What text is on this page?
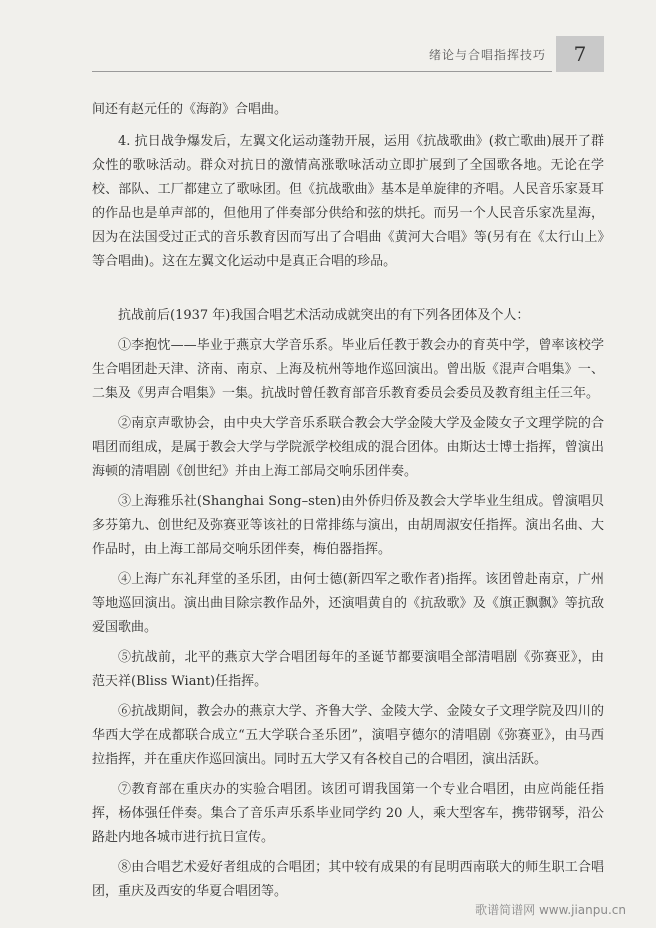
绪论与合唱指挥技巧	7

间还有赵元任的《海韵》合唱曲。

4. 抗日战争爆发后，左翼文化运动蓬勃开展，运用《抗战歌曲》(救亡歌曲)展开了群众性的歌咏活动。群众对抗日的激情高涨歌咏活动立即扩展到了全国歌各地。无论在学校、部队、工厂都建立了歌咏团。但《抗战歌曲》基本是单旋律的齐唱。人民音乐家聂耳的作品也是单声部的，但他用了伴奏部分供给和弦的烘托。而另一个人民音乐家冼星海，因为在法国受过正式的音乐教育因而写出了合唱曲《黄河大合唱》等(另有在《太行山上》等合唱曲)。这在左翼文化运动中是真正合唱的珍品。

抗战前后(1937 年)我国合唱艺术活动成就突出的有下列各团体及个人：

①李抱忱——毕业于燕京大学音乐系。毕业后任教于教会办的育英中学，曾率该校学生合唱团赴天津、济南、南京、上海及杭州等地作巡回演出。曾出版《混声合唱集》一、二集及《男声合唱集》一集。抗战时曾任教育部音乐教育委员会委员及教育组主任三年。

②南京声歌协会，由中央大学音乐系联合教会大学金陵大学及金陵女子文理学院的合唱团而组成，是属于教会大学与学院派学校组成的混合团体。由斯达士博士指挥，曾演出海顿的清唱剧《创世纪》并由上海工部局交响乐团伴奏。

③上海雅乐社(Shanghai Song–sten)由外侨归侨及教会大学毕业生组成。曾演唱贝多芬第九、创世纪及弥赛亚等该社的日常排练与演出，由胡周淑安任指挥。演出名曲、大作品时，由上海工部局交响乐团伴奏，梅伯器指挥。

④上海广东礼拜堂的圣乐团，由何士德(新四军之歌作者)指挥。该团曾赴南京，广州等地巡回演出。演出曲目除宗教作品外，还演唱黄自的《抗敌歌》及《旗正飘飘》等抗敌爱国歌曲。

⑤抗战前，北平的燕京大学合唱团每年的圣诞节都要演唱全部清唱剧《弥赛亚》，由范天祥(Bliss Wiant)任指挥。

⑥抗战期间，教会办的燕京大学、齐鲁大学、金陵大学、金陵女子文理学院及四川的华西大学在成都联合成立“五大学联合圣乐团”，演唱亨德尔的清唱剧《弥赛亚》，由马西拉指挥，并在重庆作巡回演出。同时五大学又有各校自己的合唱团，演出活跃。

⑦教育部在重庆办的实验合唱团。该团可谓我国第一个专业合唱团，由应尚能任指挥，杨体强任伴奏。集合了音乐声乐系毕业同学约 20 人，乘大型客车，携带钢琴，沿公路赴内地各城市进行抗日宣传。

⑧由合唱艺术爱好者组成的合唱团；其中较有成果的有昆明西南联大的师生职工合唱团，重庆及西安的华夏合唱团等。

歌谱简谱网 www.jianpu.cn
